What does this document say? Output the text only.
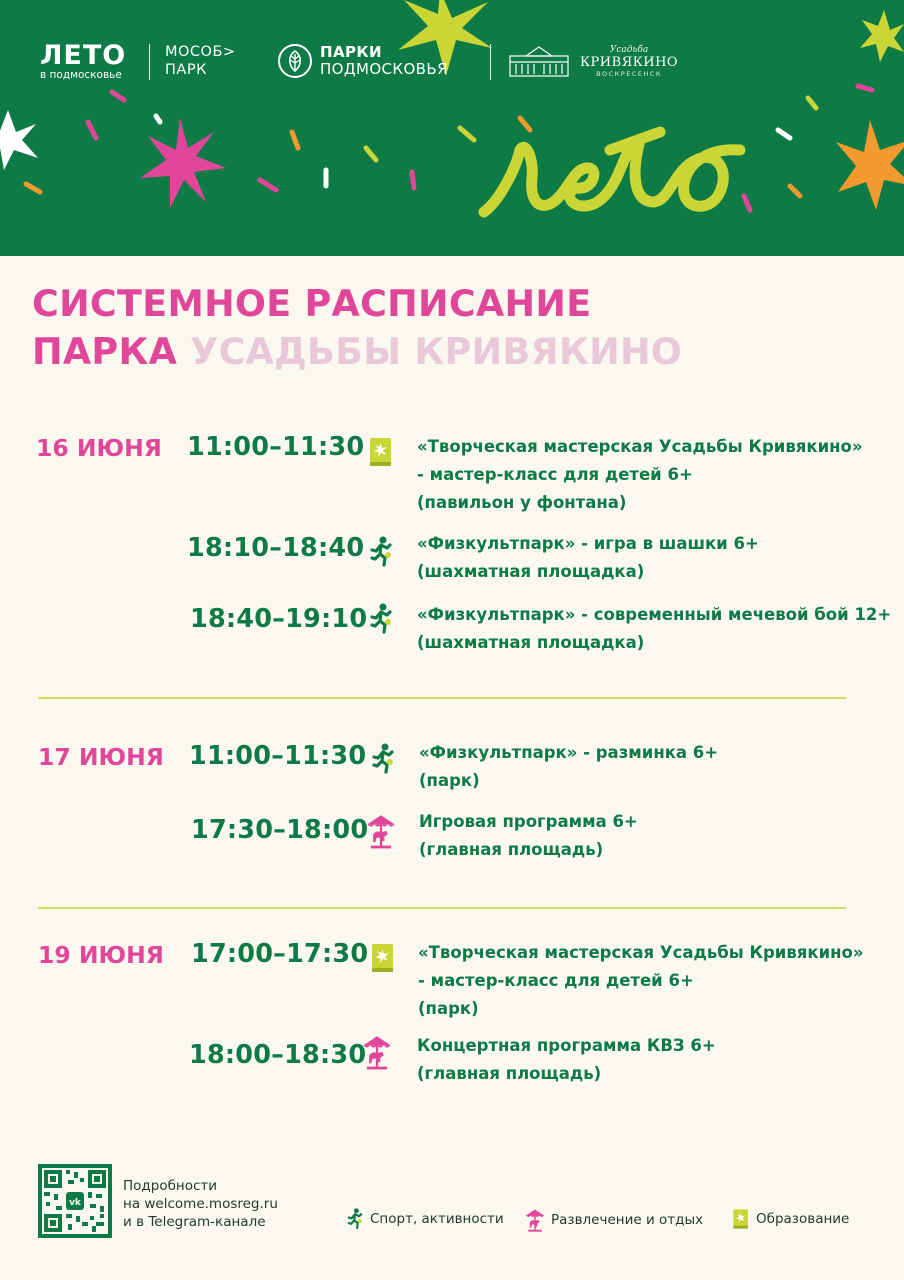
ЛЕТО
в подмосковье
МОСОБ>
ПАРК
ПАРКИ
ПОДМОСКОВЬЯ
Усадьба
КРИВЯКИНО
ВОСКРЕСЕНСК
СИСТЕМНОЕ РАСПИСАНИЕ
ПАРКА УСАДЬБЫ КРИВЯКИНО
16 ИЮНЯ 11:00–11:30	«Творческая мастерская Усадьбы Кривякино»
- мастер-класс для детей 6+
(павильон у фонтана)
18:10–18:40	«Физкультпарк» - игра в шашки 6+
(шахматная площадка)
18:40–19:10	«Физкультпарк» - современный мечевой бой 12+
(шахматная площадка)
17 ИЮНЯ 11:00–11:30	«Физкультпарк» - разминка 6+
(парк)
17:30–18:00	Игровая программа 6+
(главная площадь)
19 ИЮНЯ 17:00–17:30	«Творческая мастерская Усадьбы Кривякино»
- мастер-класс для детей 6+
(парк)
18:00–18:30	Концертная программа КВЗ 6+
(главная площадь)
vk
Подробности
на welcome.mosreg.ru
и в Telegram-канале	Спорт, активности	Развлечение и отдых	Образование
